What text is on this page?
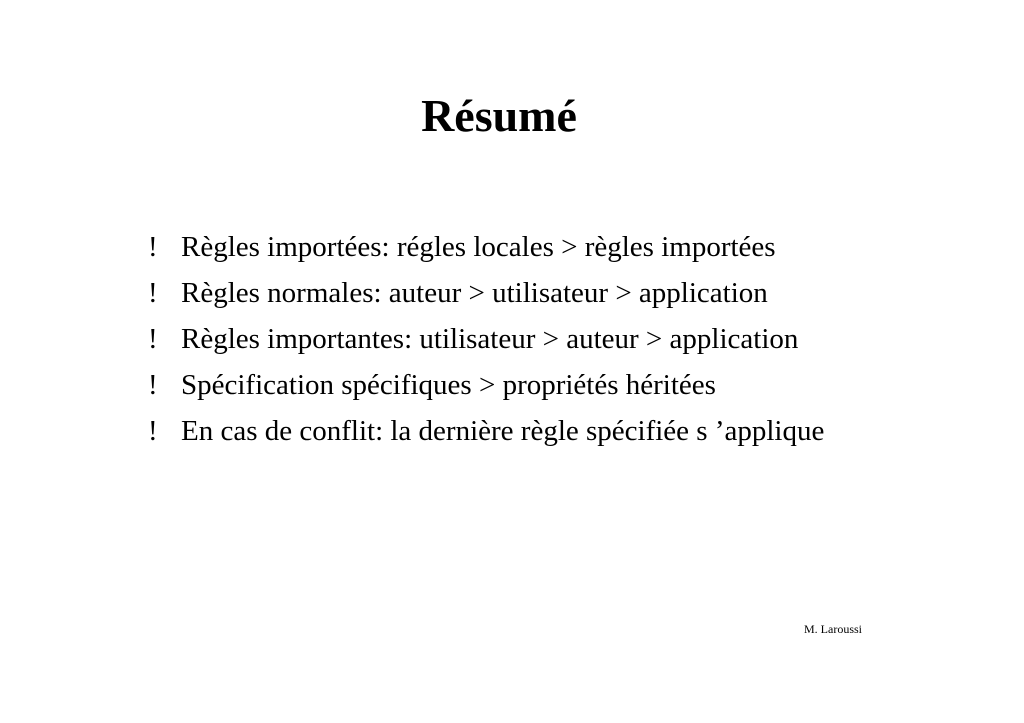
Résumé
! Règles importées: régles locales > règles importées
! Règles normales: auteur > utilisateur > application
! Règles importantes: utilisateur > auteur > application
! Spécification spécifiques > propriétés héritées
! En cas de conflit: la dernière règle spécifiée s ’applique
M. Laroussi
